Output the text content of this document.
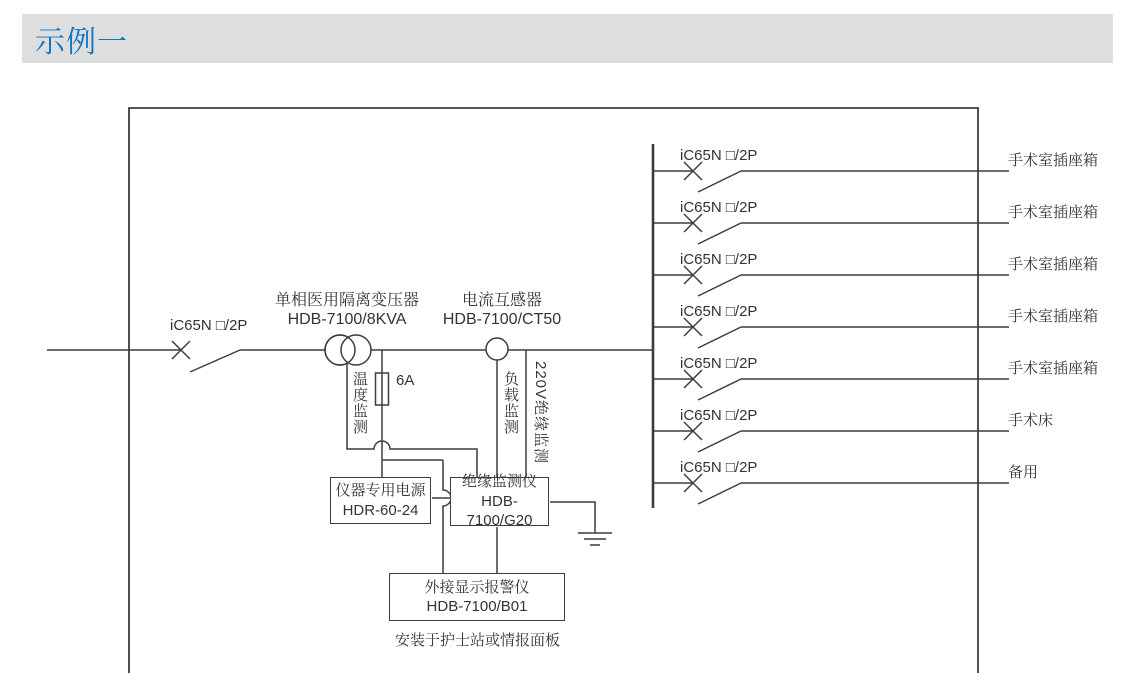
示例一
iC65N □/2P
单相医用隔离变压器
HDB-7100/8KVA
电流互感器
HDB-7100/CT50
6A
温度监测	负载监测 220V绝缘监测
仪器专用电源
HDR-60-24
绝缘监测仪
HDB-7100/G20
外接显示报警仪
HDB-7100/B01
安装于护士站或情报面板
iC65N □/2P	手术室插座箱
iC65N □/2P	手术室插座箱
iC65N □/2P	手术室插座箱
iC65N □/2P	手术室插座箱
iC65N □/2P	手术室插座箱
iC65N □/2P	手术床
iC65N □/2P	备用
